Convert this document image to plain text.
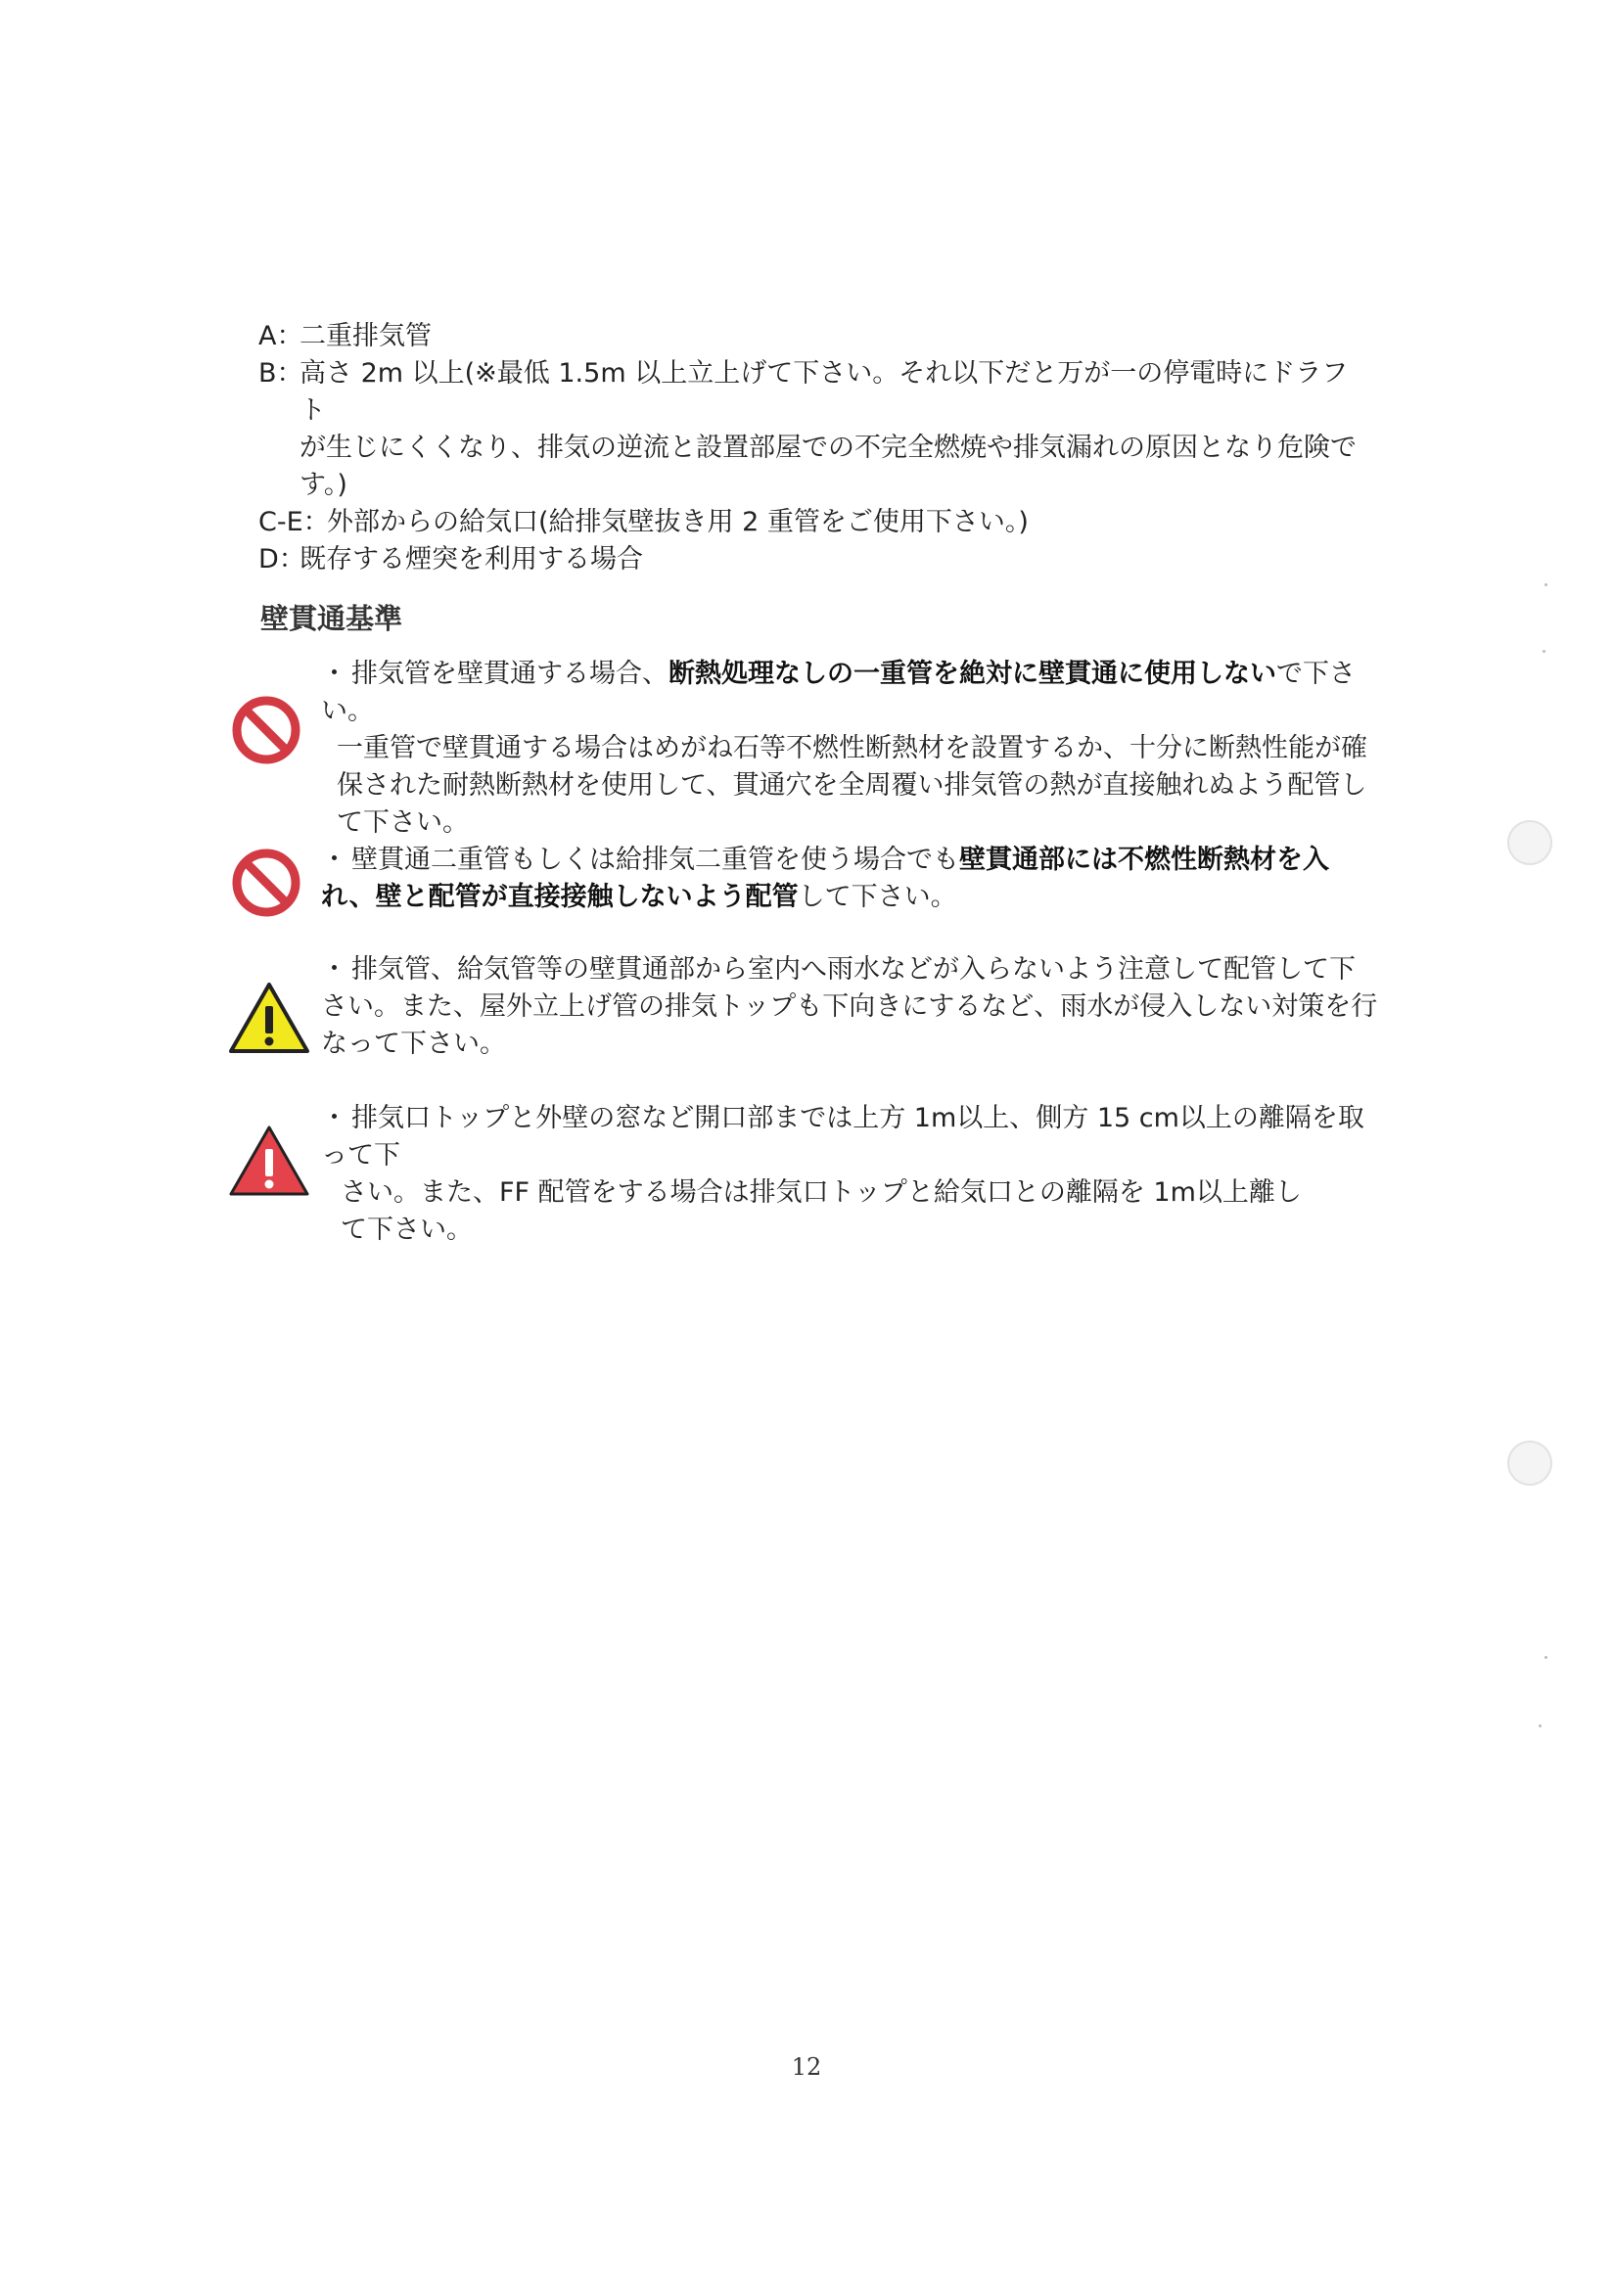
A：
二重排気管
B：
高さ 2m 以上(※最低 1.5m 以上立上げて下さい。それ以下だと万が一の停電時にドラフト
が生じにくくなり、排気の逆流と設置部屋での不完全燃焼や排気漏れの原因となり危険で
す。)
C-E：
外部からの給気口(給排気壁抜き用 2 重管をご使用下さい。)
D：
既存する煙突を利用する場合
壁貫通基準
・ 排気管を壁貫通する場合、断熱処理なしの一重管を絶対に壁貫通に使用しないで下さい。
一重管で壁貫通する場合はめがね石等不燃性断熱材を設置するか、十分に断熱性能が確保された耐熱断熱材を使用して、貫通穴を全周覆い排気管の熱が直接触れぬよう配管して下さい。
・ 壁貫通二重管もしくは給排気二重管を使う場合でも壁貫通部には不燃性断熱材を入れ、壁と配管が直接接触しないよう配管して下さい。
・ 排気管、給気管等の壁貫通部から室内へ雨水などが入らないよう注意して配管して下さい。また、屋外立上げ管の排気トップも下向きにするなど、雨水が侵入しない対策を行なって下さい。
・ 排気口トップと外壁の窓など開口部までは上方 1m以上、側方 15 cm以上の離隔を取って下
さい。また、FF 配管をする場合は排気口トップと給気口との離隔を 1m以上離して下さい。
12
